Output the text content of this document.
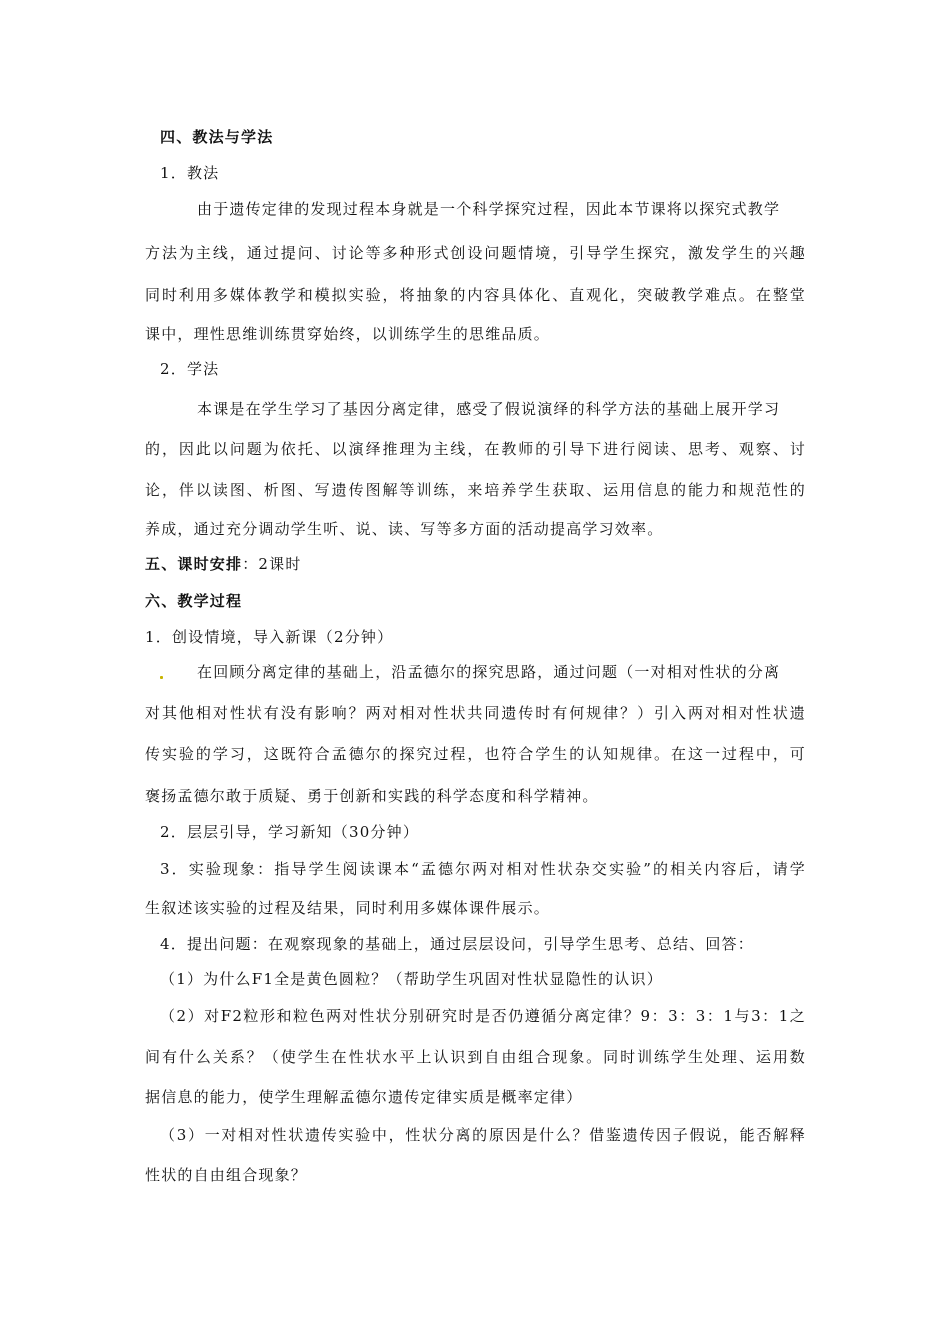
四、教法与学法
1．教法
由于遗传定律的发现过程本身就是一个科学探究过程，因此本节课将以探究式教学
方法为主线，通过提问、讨论等多种形式创设问题情境，引导学生探究，激发学生的兴趣
同时利用多媒体教学和模拟实验，将抽象的内容具体化、直观化，突破教学难点。在整堂
课中，理性思维训练贯穿始终，以训练学生的思维品质。
2．学法
本课是在学生学习了基因分离定律，感受了假说演绎的科学方法的基础上展开学习
的，因此以问题为依托、以演绎推理为主线，在教师的引导下进行阅读、思考、观察、讨
论，伴以读图、析图、写遗传图解等训练，来培养学生获取、运用信息的能力和规范性的
养成，通过充分调动学生听、说、读、写等多方面的活动提高学习效率。
五、课时安排：2课时
六、教学过程
1．创设情境，导入新课（2分钟）
在回顾分离定律的基础上，沿孟德尔的探究思路，通过问题（一对相对性状的分离
对其他相对性状有没有影响？两对相对性状共同遗传时有何规律？）引入两对相对性状遗
传实验的学习，这既符合孟德尔的探究过程，也符合学生的认知规律。在这一过程中，可
褒扬孟德尔敢于质疑、勇于创新和实践的科学态度和科学精神。
2．层层引导，学习新知（30分钟）
3．实验现象：指导学生阅读课本“孟德尔两对相对性状杂交实验”的相关内容后，请学
生叙述该实验的过程及结果，同时利用多媒体课件展示。
4．提出问题：在观察现象的基础上，通过层层设问，引导学生思考、总结、回答：
（1）为什么F1全是黄色圆粒？（帮助学生巩固对性状显隐性的认识）
（2）对F2粒形和粒色两对性状分别研究时是否仍遵循分离定律？9：3：3：1与3：1之
间有什么关系？（使学生在性状水平上认识到自由组合现象。同时训练学生处理、运用数
据信息的能力，使学生理解孟德尔遗传定律实质是概率定律）
（3）一对相对性状遗传实验中，性状分离的原因是什么？借鉴遗传因子假说，能否解释
性状的自由组合现象？
